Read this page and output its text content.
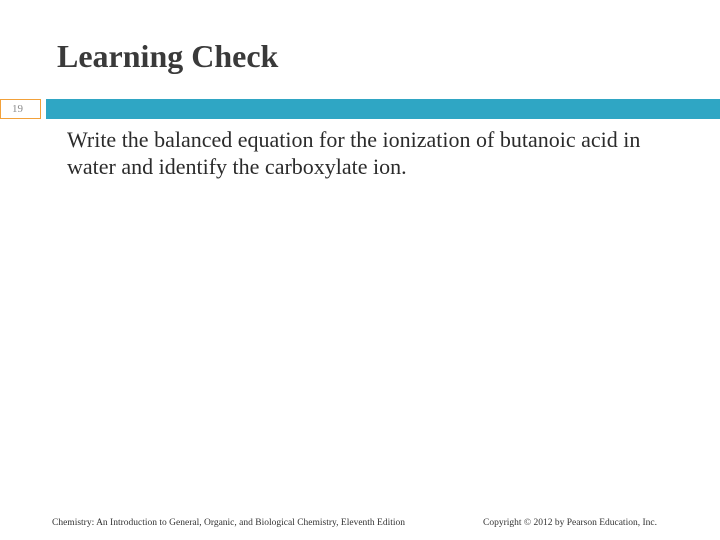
Learning Check
19
Write the balanced equation for the ionization of butanoic acid in water and identify the carboxylate ion.
Chemistry: An Introduction to General, Organic, and Biological Chemistry, Eleventh Edition	Copyright © 2012 by Pearson Education, Inc.
